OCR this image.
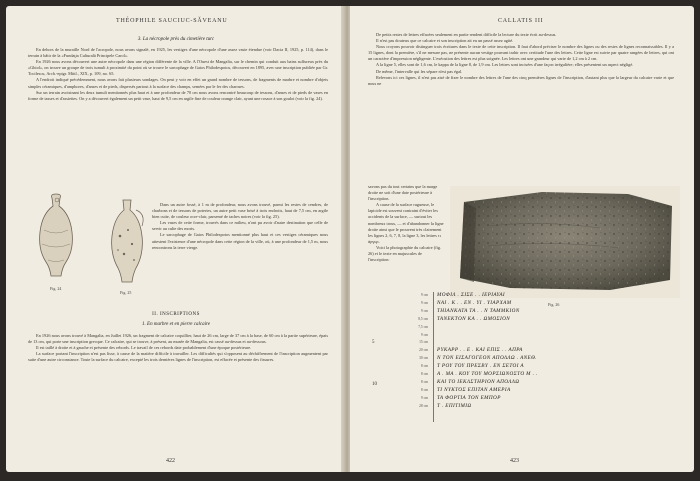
THÉOPHILE SAUCIUC-SĂVEANU
3. La nécropole près du cimetière turc

En dehors de la muraille Nord de l'acropole, nous avons signalé, en 1925, les vestiges d'une nécropole d'une assez vaste étendue (voir Dacia II, 1925, p. 114), dans le terrain à bâtir de la «Fundaţia Culturală Principele Carol».

En 1926 nous avons découvert une autre nécropole dans une région différente de la ville. A l'Ouest de Mangalia, sur le chemin qui conduit aux bains sulfureux près du «Ghiol», on trouve un groupe de trois tumuli à proximité du point où se trouve le sarcophage de Gaios Philodespotos, découvert en 1895, avec une inscription publiée par Gr. Tocilescu, Arch.-epigr. Mittl., XIX, p. 109, no. 65.

A l'endroit indiqué précédemment, nous avons fait plusieurs sondages. On peut y voir en effet un grand nombre de tessons, de fragments de marbre et nombre d'objets simples céramiques, d'amphores, d'anses et de pieds, dispersés partout à la surface des champs, semées par le fer des charrues.

Sur un terrain avoisinant les deux tumuli mentionnés plus haut et à une profondeur de 70 cm nous avons rencontré beaucoup de tessons, d'anses et de pieds de vases en forme de tasses et d'assiettes. On y a découvert également un petit vase, haut de 9,5 cm en argile fine de couleur orange clair, ayant une rosace à son goulot (voir la fig. 24).

Fig. 24
Fig. 25

Dans un autre fossé, à 1 m de profondeur, nous avons trouvé, parmi les restes de cendres, de charbons et de tessons de poteries, un autre petit vase brisé à trois endroits, haut de 7,5 cm, en argile bien cuite, de couleur ocre-clair, parsemé de taches noires (voir la fig. 25).

Les vases de cette forme, trouvés dans ce milieu, n'ont pu avoir d'autre destination que celle de servir au culte des morts.

Le sarcophage de Gaios Philodespotos mentionné plus haut et ces vestiges céramiques nous attestent l'existence d'une nécropole dans cette région de la ville, où, à une profondeur de 1,5 m, nous rencontrons la terre vierge.

II. INSCRIPTIONS
1. En marbre et en pierre calcaire

En 1926 nous avons trouvé à Mangalia, en Juillet 1926, un fragment de calcaire coquillier, haut de 26 cm, large de 37 cm à la base, de 60 cm à la partie supérieure, épais de 13 cm, qui porte une inscription grecque. Ce calcaire, qui se trouve, à présent, au musée de Mangalia, est cassé au-dessus et au-dessous.

Il est taillé à droite et à gauche et présente des rebords. Le travail de ces rebords date probablement d'une époque postérieure.

La surface portant l'inscription n'est pas lisse, à cause de la matière difficile à travailler. Les difficultés qui s'opposent au déchiffrement de l'inscription augmentent par suite d'une autre circonstance. Toute la surface du calcaire, excepté les trois dernières lignes de l'inscription, est effacée et présente des fissures.

422
CALLATIS III

De petits restes de lettres effacées seulement en partie rendent difficile la lecture du texte écrit au-dessus.

Il n'est pas douteux que ce calcaire et son inscription ait eu un passé assez agité.

Nous croyons pouvoir distinguer trois écritures dans le texte de cette inscription. Il faut d'abord préciser le nombre des lignes ou des restes de lignes reconnaissables. Il y a 15 lignes, dont la première, s'il ne mesure pas, ne présente aucun vestige pouvant trahir avec certitude l'une des lettres. Cette ligne est suivie par quatre rangées de lettres, qui ont un caractère d'impression négligente. L'exécution des lettres est plus soignée. Les lettres ont une grandeur qui varie de 1,2 cm à 2 cm.

A la ligne 5, elles sont de 1,6 cm, le kappa de la ligne 8, de 1,9 cm. Les lettres sont incisées d'une façon irrégulière; elles présentent un aspect négligé.

De même, l'intervalle qui les sépare n'est pas égal.

Relevons ici ces lignes, il n'est pas aisé de fixer le nombre des lettres de l'une des cinq premières lignes de l'inscription, d'autant plus que la largeur du calcaire varie et que nous ne

savons pas du tout certains que la marge droite ne soit d'une date postérieure à l'inscription.

A cause de la surface rugueuse, le lapicide est souvent contraint d'éviter les accidents de la surface, — surtout les nombreux trous, — et d'abandonner la ligne droite ainsi que le prouvent très clairement les lignes 2, 6, 7, 8, la ligne 3, les lettres τι ἀργυρ.

Voici la photographie du calcaire (fig. 26) et le texte en majuscules de l'inscription:

Fig. 26
9 cm ΜΟΦΙΛ . ΣΙΣΕ . . ΙΕΡΙΑΥΑΙ
9 cm ΝΑΙ . Κ . . ΕΝ . ΥΙ . ΥΙΑΡΧΑΜ
9 cm ΤΗΙΑΝΚΑΤΑ ΤΑ . . Ν ΤΑΜΜΚΙΟΝ
8,5 cm ΤΑΝΕΚΤΟΝ ΚΑ . . ΩΜΟΣΙΟΝ
7,5 cm
9 cm
15 cm
20 cm ΡΥΚΑΡΡ . . Ε . ΚΑΙ ΕΠΙΣ . . ΑΠΡΑ
30 cm Ν ΤΟΝ ΕΙΣΑΓΟΓΕΟΝ ΑΠΟΛΛΩ . ΑΝΕΘ.
8 cm Τ ΡΟΥ ΤΟΥ ΠΡΕΣΒΥ . ΕΝ ΣΕΤΟΙ Α
8 cm Α . ΜΑ . ΚΟΥ ΤΟΥ ΜΟΡΣΙΩΝΟΣΤΟ Μ . .
8 cm ΚΑΙ ΤΟ ΙΕΚΛΣΤΗΡΙΟΝ ΑΠΟΛΛΩ
8 cm ΤΙ ΝΥΚΤΟΣ ΕΠΙΤΑΝ ΑΜΕΡΙΑ
9 cm ΤΑ ΦΟΡΤΙΑ ΤΟΝ ΕΜΠΟΡ
28 cm Τ . ΕΠΙΤΙΜΙΩ
5
10
423
